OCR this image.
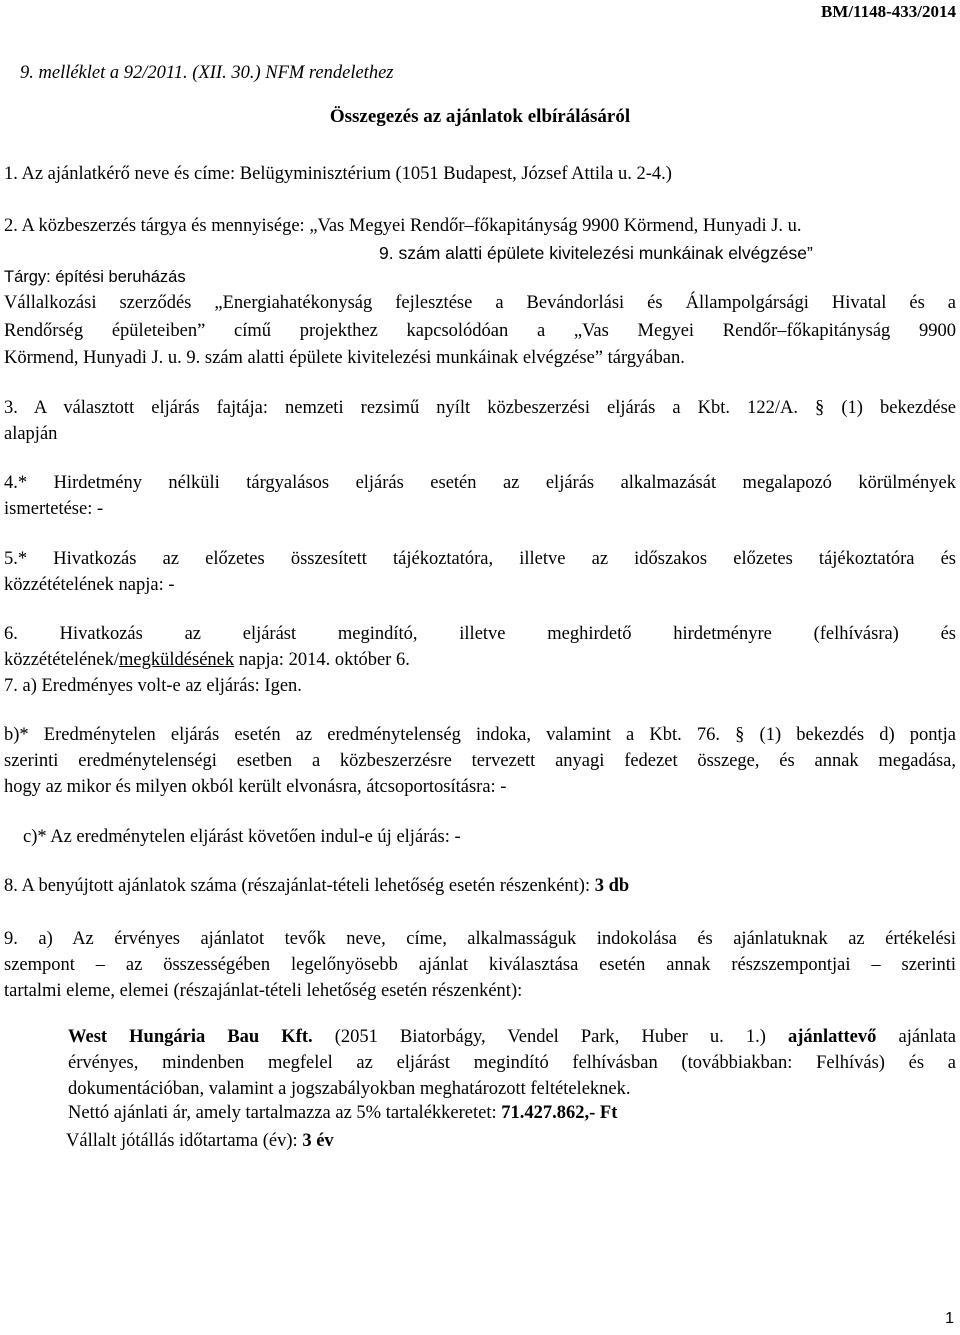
BM/1148-433/2014
9. melléklet a 92/2011. (XII. 30.) NFM rendelethez
Összegezés az ajánlatok elbírálásáról
1. Az ajánlatkérő neve és címe: Belügyminisztérium (1051 Budapest, József Attila u. 2-4.)
2. A közbeszerzés tárgya és mennyisége: „Vas Megyei Rendőr–főkapitányság 9900 Körmend, Hunyadi J. u.
9. szám alatti épülete kivitelezési munkáinak elvégzése”
Tárgy: építési beruházás
Vállalkozási szerződés „Energiahatékonyság fejlesztése a Bevándorlási és Állampolgársági Hivatal és a
Rendőrség épületeiben” című projekthez kapcsolódóan a „Vas Megyei Rendőr–főkapitányság 9900
Körmend, Hunyadi J. u. 9. szám alatti épülete kivitelezési munkáinak elvégzése” tárgyában.
3. A választott eljárás fajtája: nemzeti rezsimű nyílt közbeszerzési eljárás a Kbt. 122/A. § (1) bekezdése
alapján
4.* Hirdetmény nélküli tárgyalásos eljárás esetén az eljárás alkalmazását megalapozó körülmények
ismertetése: -
5.* Hivatkozás az előzetes összesített tájékoztatóra, illetve az időszakos előzetes tájékoztatóra és
közzétételének napja: -
6. Hivatkozás az eljárást megindító, illetve meghirdető hirdetményre (felhívásra) és
közzétételének/megküldésének napja: 2014. október 6.
7. a) Eredményes volt-e az eljárás: Igen.
b)* Eredménytelen eljárás esetén az eredménytelenség indoka, valamint a Kbt. 76. § (1) bekezdés d) pontja
szerinti eredménytelenségi esetben a közbeszerzésre tervezett anyagi fedezet összege, és annak megadása,
hogy az mikor és milyen okból került elvonásra, átcsoportosításra: -
c)* Az eredménytelen eljárást követően indul-e új eljárás: -
8. A benyújtott ajánlatok száma (részajánlat-tételi lehetőség esetén részenként): 3 db
9. a) Az érvényes ajánlatot tevők neve, címe, alkalmasságuk indokolása és ajánlatuknak az értékelési
szempont – az összességében legelőnyösebb ajánlat kiválasztása esetén annak részszempontjai – szerinti
tartalmi eleme, elemei (részajánlat-tételi lehetőség esetén részenként):
West Hungária Bau Kft. (2051 Biatorbágy, Vendel Park, Huber u. 1.) ajánlattevő ajánlata
érvényes, mindenben megfelel az eljárást megindító felhívásban (továbbiakban: Felhívás) és a
dokumentációban, valamint a jogszabályokban meghatározott feltételeknek.
Nettó ajánlati ár, amely tartalmazza az 5% tartalékkeretet: 71.427.862,- Ft
Vállalt jótállás időtartama (év): 3 év
1
